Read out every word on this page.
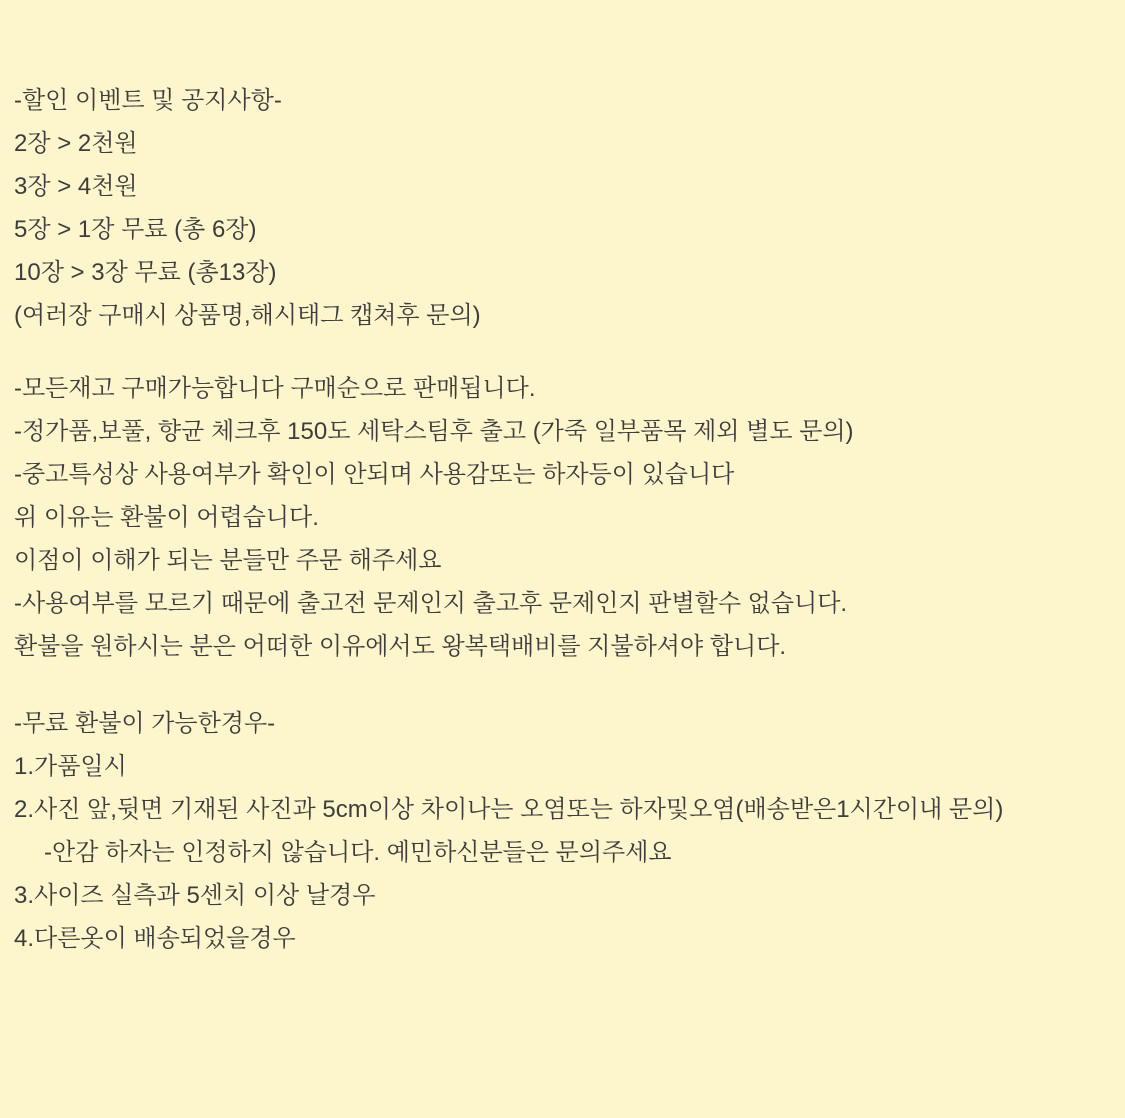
-할인 이벤트 및 공지사항-
2장 > 2천원
3장 > 4천원
5장 > 1장 무료 (총 6장)
10장 > 3장 무료 (총13장)
(여러장 구매시 상품명,해시태그 캡쳐후 문의)
-모든재고 구매가능합니다 구매순으로 판매됩니다.
-정가품,보풀, 향균 체크후 150도 세탁스팀후 출고 (가죽 일부품목 제외 별도 문의)
-중고특성상 사용여부가 확인이 안되며 사용감또는 하자등이 있습니다
위 이유는 환불이 어렵습니다.
이점이 이해가 되는 분들만 주문 해주세요
-사용여부를 모르기 때문에 출고전 문제인지 출고후 문제인지 판별할수 없습니다.
환불을 원하시는 분은 어떠한 이유에서도 왕복택배비를 지불하셔야 합니다.
-무료 환불이 가능한경우-
1.가품일시
2.사진 앞,뒷면 기재된 사진과 5cm이상 차이나는 오염또는 하자및오염(배송받은1시간이내 문의)
-안감 하자는 인정하지 않습니다. 예민하신분들은 문의주세요
3.사이즈 실측과 5센치 이상 날경우
4.다른옷이 배송되었을경우
